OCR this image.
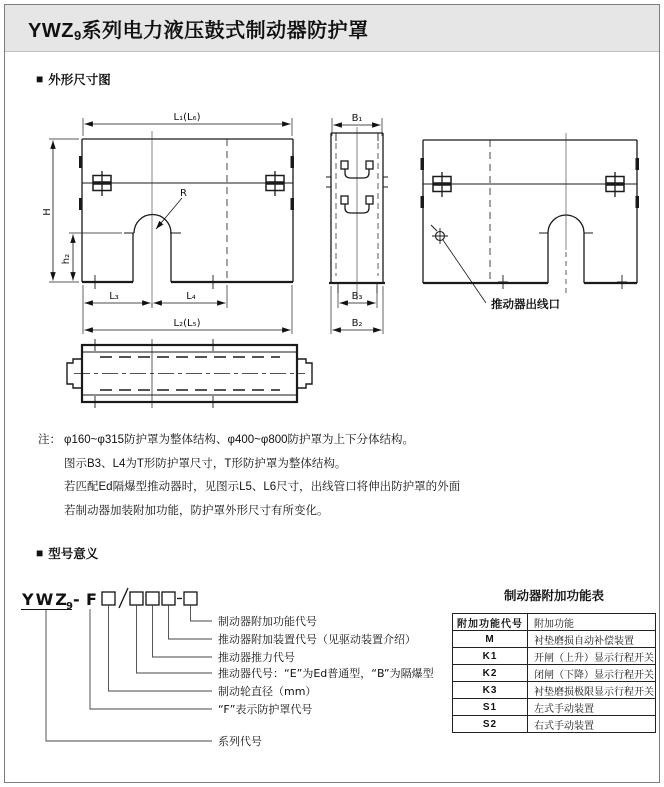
$YWZ_9$系列电力液压鼓式制动器防护罩
■ 外形尺寸图
L₁(L₆)	B₁
H
h₂
R
L₃	L₄
L₂(L₅)
B₃
B₂
推动器出线口
注： φ160~φ315防护罩为整体结构、φ400~φ800防护罩为上下分体结构。
图示B3、L4为T形防护罩尺寸，T形防护罩为整体结构。
若匹配Ed隔爆型推动器时，见图示L5、L6尺寸，出线管口将伸出防护罩的外面
若制动器加装附加功能，防护罩外形尺寸有所变化。
■ 型号意义
YWZ
9 - F
制动器附加功能代号
推动器附加装置代号（见驱动装置介绍）
推动器推力代号
推动器代号：“E”为Ed普通型，“B”为隔爆型
制动轮直径（mm）
“F”表示防护罩代号
系列代号
制动器附加功能表
附加功能代号	附加功能
M	衬垫磨损自动补偿装置
K1	开闸（上升）显示行程开关
K2	闭闸（下降）显示行程开关
K3	衬垫磨损极限显示行程开关
S1	左式手动装置
S2	右式手动装置
